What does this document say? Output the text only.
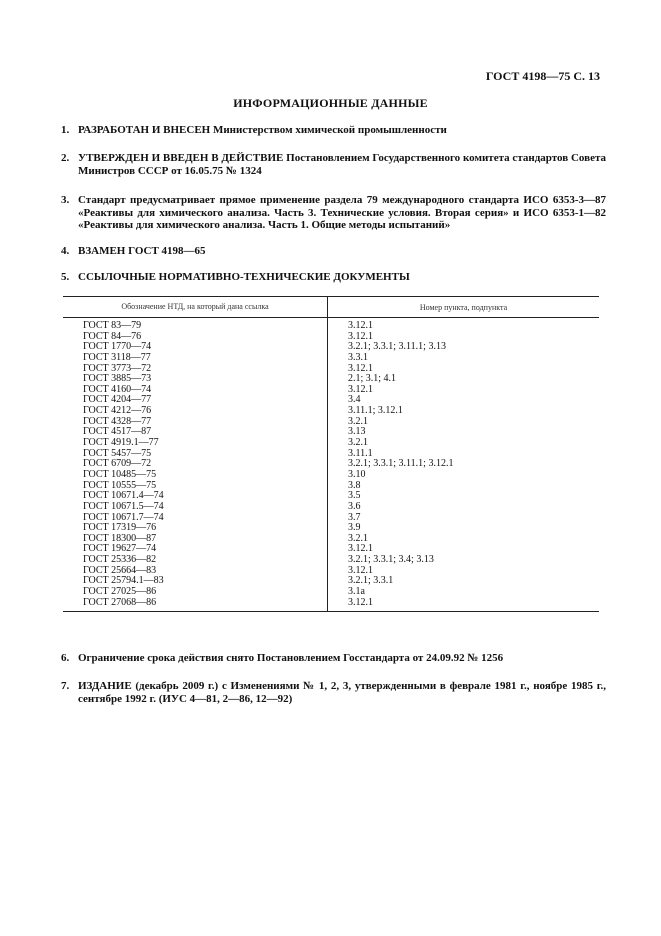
ГОСТ 4198—75 С. 13
ИНФОРМАЦИОННЫЕ ДАННЫЕ
1. РАЗРАБОТАН И ВНЕСЕН Министерством химической промышленности
2. УТВЕРЖДЕН И ВВЕДЕН В ДЕЙСТВИЕ Постановлением Государственного комитета стандартов Совета Министров СССР от 16.05.75 № 1324
3. Стандарт предусматривает прямое применение раздела 79 международного стандарта ИСО 6353-3—87 «Реактивы для химического анализа. Часть 3. Технические условия. Вторая серия» и ИСО 6353-1—82 «Реактивы для химического анализа. Часть 1. Общие методы испытаний»
4. ВЗАМЕН ГОСТ 4198—65
5. ССЫЛОЧНЫЕ НОРМАТИВНО-ТЕХНИЧЕСКИЕ ДОКУМЕНТЫ
Обозначение НТД, на который дана ссылка	Номер пункта, подпункта
ГОСТ 83—79
ГОСТ 84—76
ГОСТ 1770—74
ГОСТ 3118—77
ГОСТ 3773—72
ГОСТ 3885—73
ГОСТ 4160—74
ГОСТ 4204—77
ГОСТ 4212—76
ГОСТ 4328—77
ГОСТ 4517—87
ГОСТ 4919.1—77
ГОСТ 5457—75
ГОСТ 6709—72
ГОСТ 10485—75
ГОСТ 10555—75
ГОСТ 10671.4—74
ГОСТ 10671.5—74
ГОСТ 10671.7—74
ГОСТ 17319—76
ГОСТ 18300—87
ГОСТ 19627—74
ГОСТ 25336—82
ГОСТ 25664—83
ГОСТ 25794.1—83
ГОСТ 27025—86
ГОСТ 27068—86
3.12.1
3.12.1
3.2.1; 3.3.1; 3.11.1; 3.13
3.3.1
3.12.1
2.1; 3.1; 4.1
3.12.1
3.4
3.11.1; 3.12.1
3.2.1
3.13
3.2.1
3.11.1
3.2.1; 3.3.1; 3.11.1; 3.12.1
3.10
3.8
3.5
3.6
3.7
3.9
3.2.1
3.12.1
3.2.1; 3.3.1; 3.4; 3.13
3.12.1
3.2.1; 3.3.1
3.1а
3.12.1
6. Ограничение срока действия снято Постановлением Госстандарта от 24.09.92 № 1256
7. ИЗДАНИЕ (декабрь 2009 г.) с Изменениями № 1, 2, 3, утвержденными в феврале 1981 г., ноябре 1985 г., сентябре 1992 г. (ИУС 4—81, 2—86, 12—92)
